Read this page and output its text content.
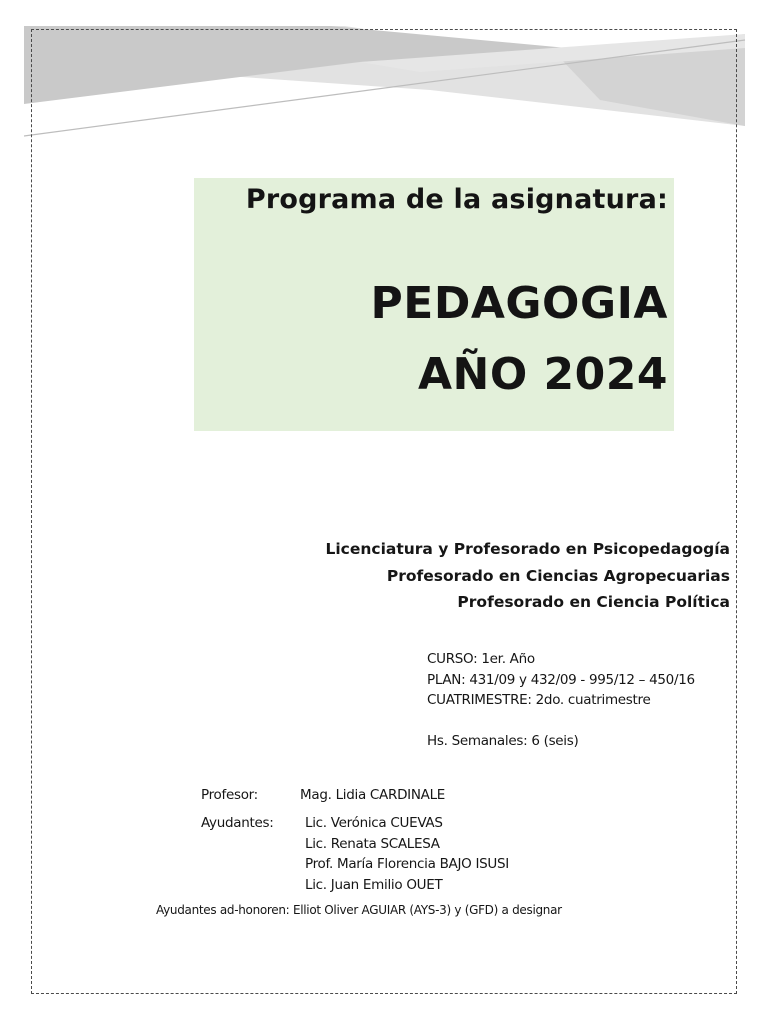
Programa de la asignatura:

PEDAGOGIA

AÑO 2024

Licenciatura y Profesorado en Psicopedagogía
Profesorado en Ciencias Agropecuarias
Profesorado en Ciencia Política
CURSO: 1er. Año
PLAN: 431/09 y 432/09 - 995/12 – 450/16
CUATRIMESTRE: 2do. cuatrimestre
Hs. Semanales: 6 (seis)
Profesor:	Mag. Lidia CARDINALE
Ayudantes: Lic. Verónica CUEVAS
Lic. Renata SCALESA
Prof. María Florencia BAJO ISUSI
Lic. Juan Emilio OUET
Ayudantes ad-honoren: Elliot Oliver AGUIAR (AYS-3) y (GFD) a designar
